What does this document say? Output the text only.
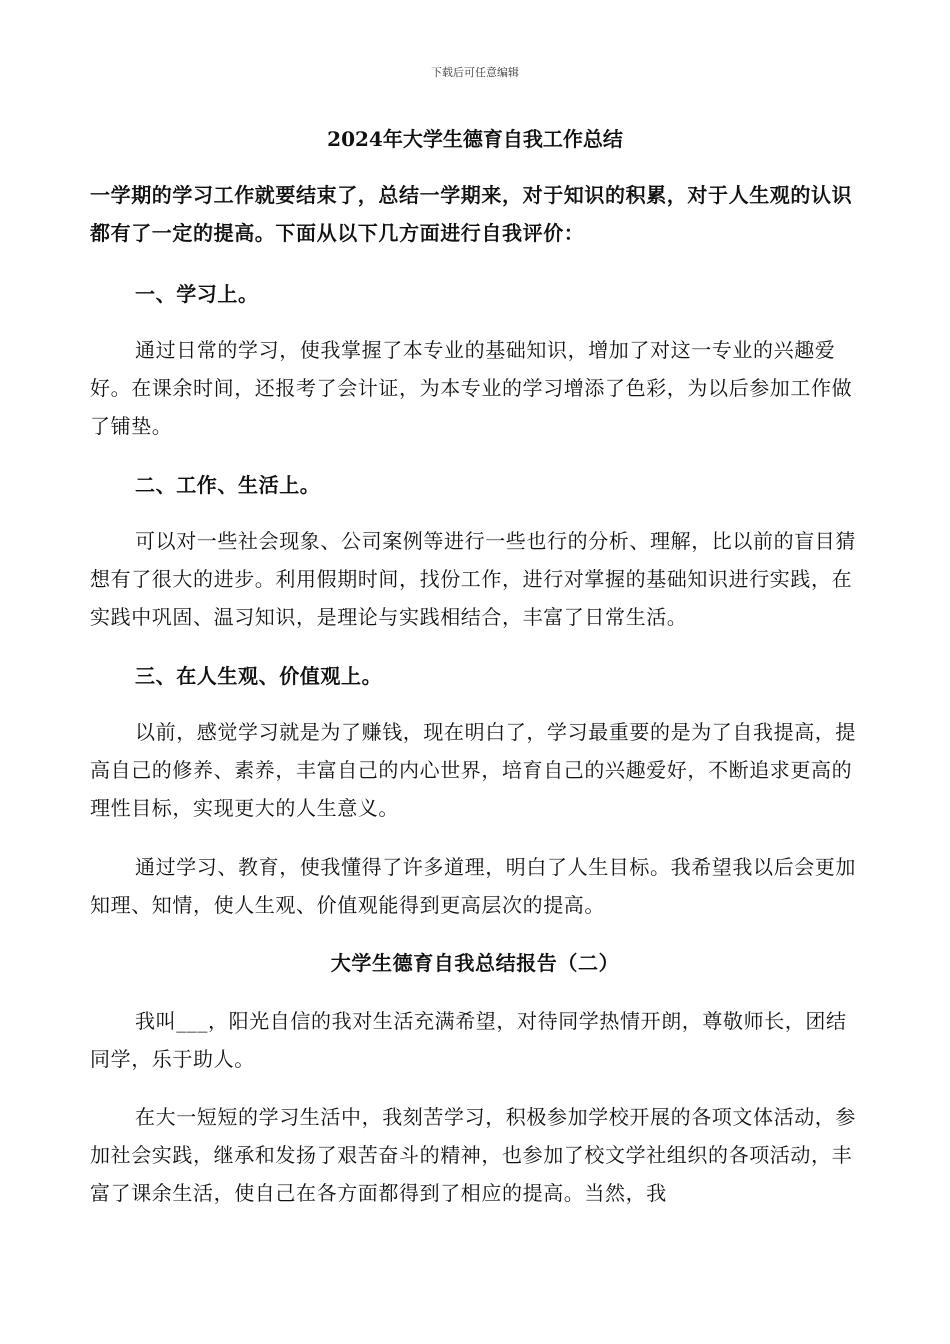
下载后可任意编辑
2024年大学生德育自我工作总结

一学期的学习工作就要结束了，总结一学期来，对于知识的积累，对于人生观的认识都有了一定的提高。下面从以下几方面进行自我评价：

一、学习上。

通过日常的学习，使我掌握了本专业的基础知识，增加了对这一专业的兴趣爱好。在课余时间，还报考了会计证，为本专业的学习增添了色彩，为以后参加工作做了铺垫。

二、工作、生活上。

可以对一些社会现象、公司案例等进行一些也行的分析、理解，比以前的盲目猜想有了很大的进步。利用假期时间，找份工作，进行对掌握的基础知识进行实践，在实践中巩固、温习知识，是理论与实践相结合，丰富了日常生活。

三、在人生观、价值观上。

以前，感觉学习就是为了赚钱，现在明白了，学习最重要的是为了自我提高，提高自己的修养、素养，丰富自己的内心世界，培育自己的兴趣爱好，不断追求更高的理性目标，实现更大的人生意义。

通过学习、教育，使我懂得了许多道理，明白了人生目标。我希望我以后会更加知理、知情，使人生观、价值观能得到更高层次的提高。

大学生德育自我总结报告（二）

我叫___，阳光自信的我对生活充满希望，对待同学热情开朗，尊敬师长，团结同学，乐于助人。

在大一短短的学习生活中，我刻苦学习，积极参加学校开展的各项文体活动，参加社会实践，继承和发扬了艰苦奋斗的精神，也参加了校文学社组织的各项活动，丰富了课余生活，使自己在各方面都得到了相应的提高。当然，我
